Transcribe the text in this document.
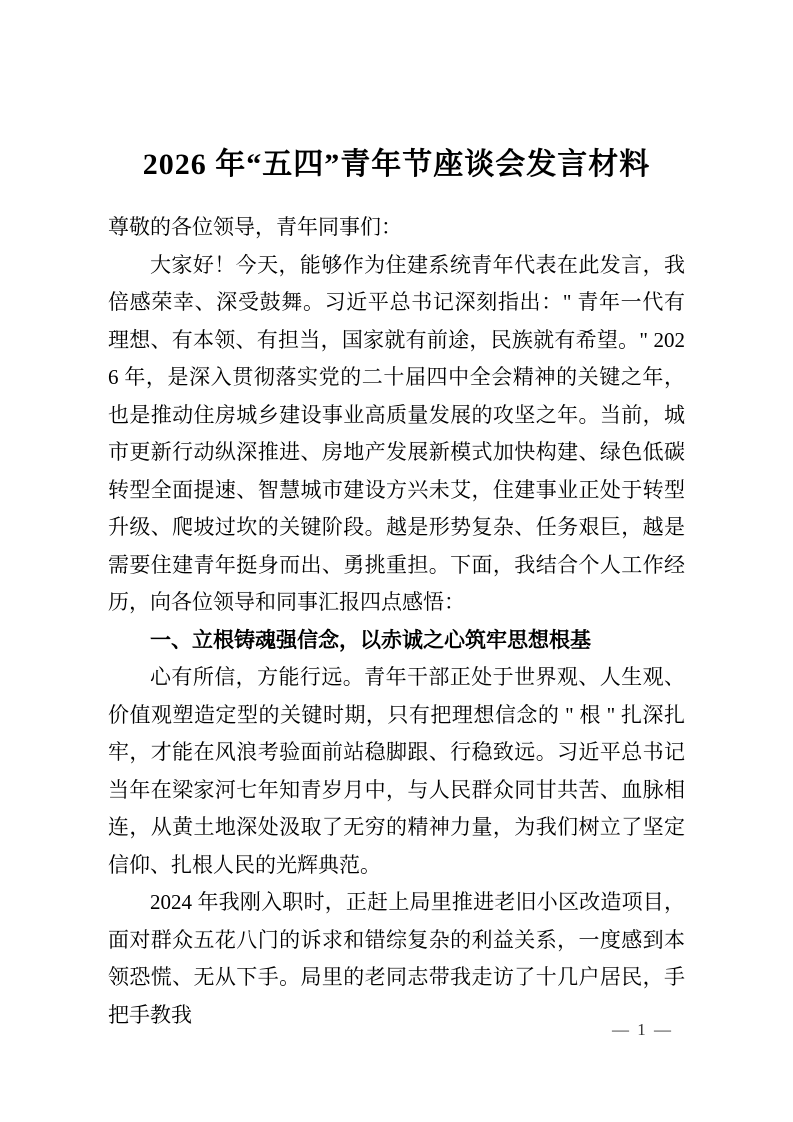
2026 年“五四”青年节座谈会发言材料

尊敬的各位领导，青年同事们：

大家好！今天，能够作为住建系统青年代表在此发言，我倍感荣幸、深受鼓舞。习近平总书记深刻指出：" 青年一代有理想、有本领、有担当，国家就有前途，民族就有希望。" 2026 年，是深入贯彻落实党的二十届四中全会精神的关键之年，也是推动住房城乡建设事业高质量发展的攻坚之年。当前，城市更新行动纵深推进、房地产发展新模式加快构建、绿色低碳转型全面提速、智慧城市建设方兴未艾，住建事业正处于转型升级、爬坡过坎的关键阶段。越是形势复杂、任务艰巨，越是需要住建青年挺身而出、勇挑重担。下面，我结合个人工作经历，向各位领导和同事汇报四点感悟：

一、立根铸魂强信念，以赤诚之心筑牢思想根基

心有所信，方能行远。青年干部正处于世界观、人生观、价值观塑造定型的关键时期，只有把理想信念的 " 根 " 扎深扎牢，才能在风浪考验面前站稳脚跟、行稳致远。习近平总书记当年在梁家河七年知青岁月中，与人民群众同甘共苦、血脉相连，从黄土地深处汲取了无穷的精神力量，为我们树立了坚定信仰、扎根人民的光辉典范。

2024 年我刚入职时，正赶上局里推进老旧小区改造项目，面对群众五花八门的诉求和错综复杂的利益关系，一度感到本领恐慌、无从下手。局里的老同志带我走访了十几户居民，手把手教我

— 1 —
